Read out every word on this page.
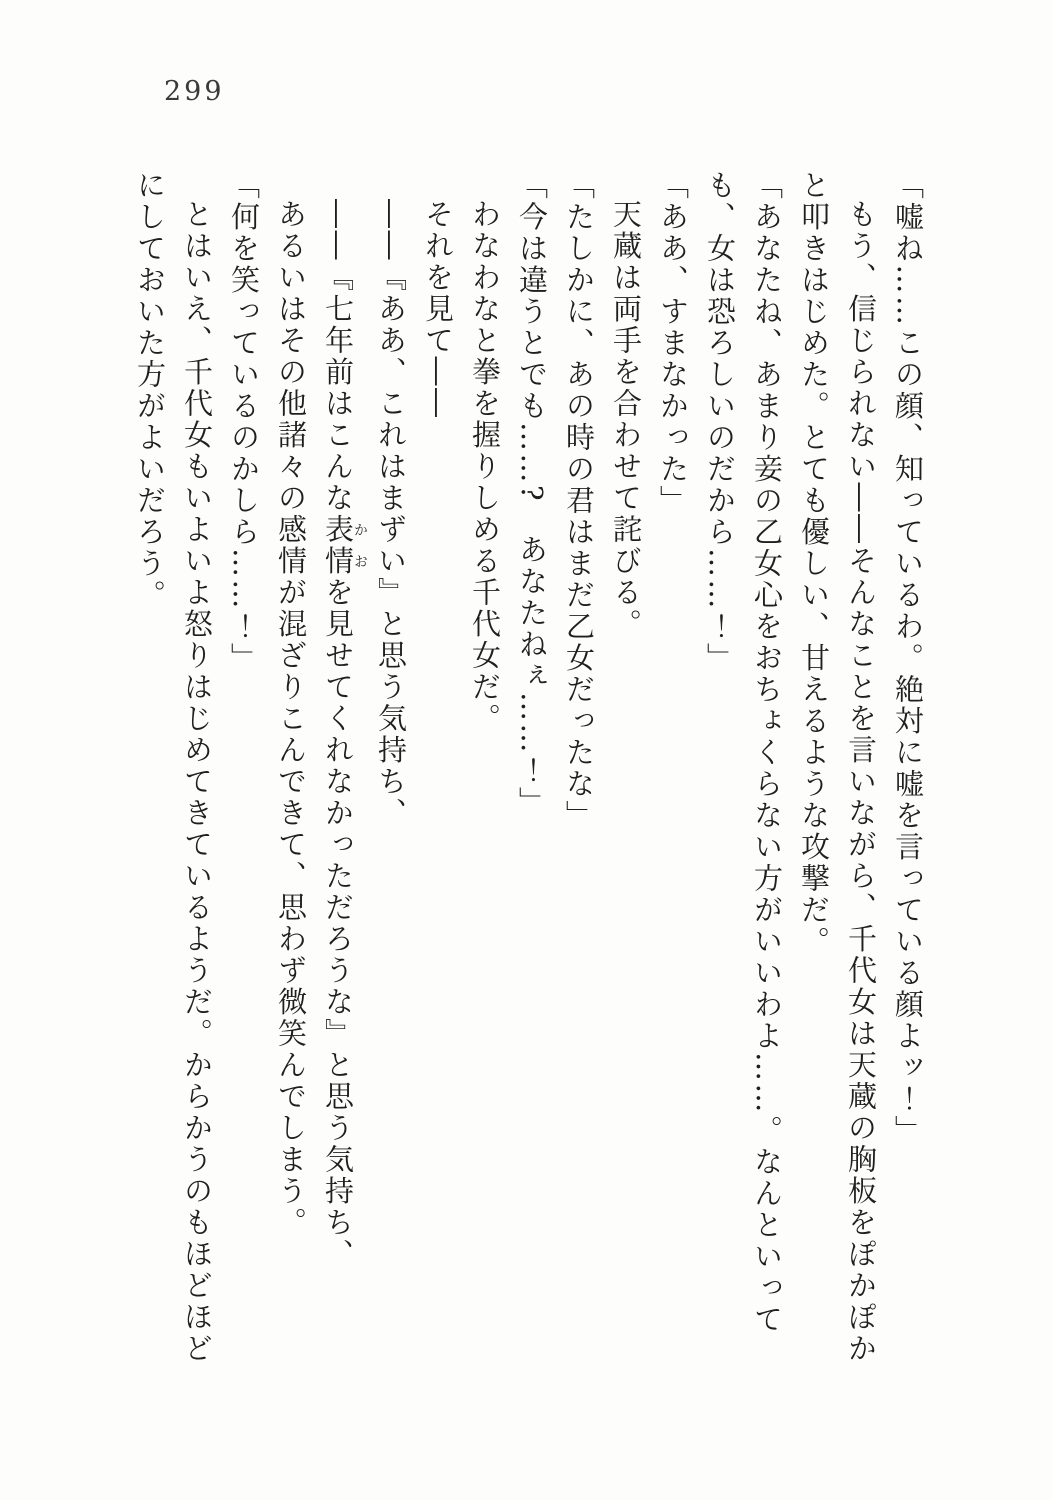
299

「嘘ね……この顔、知っているわ。絶対に嘘を言っている顔よッ！」

もう、信じられない――そんなことを言いながら、千代女は天蔵の胸板をぽかぽかと叩きはじめた。とても優しい、甘えるような攻撃だ。

「あなたね、あまり妾の乙女心をおちょくらない方がいいわよ……。なんといっても、女は恐ろしいのだから……！」

「ああ、すまなかった」

天蔵は両手を合わせて詫びる。

「たしかに、あの時の君はまだ乙女だったな」

「今は違うとでも……?　あなたねぇ……！」

わなわなと拳を握りしめる千代女だ。

それを見て――

――『ああ、これはまずい』と思う気持ち、

――『七年前はこんな表情かおを見せてくれなかっただろうな』と思う気持ち、

あるいはその他諸々の感情が混ざりこんできて、思わず微笑んでしまう。

「何を笑っているのかしら……！」

とはいえ、千代女もいよいよ怒りはじめてきているようだ。からかうのもほどほどにしておいた方がよいだろう。
